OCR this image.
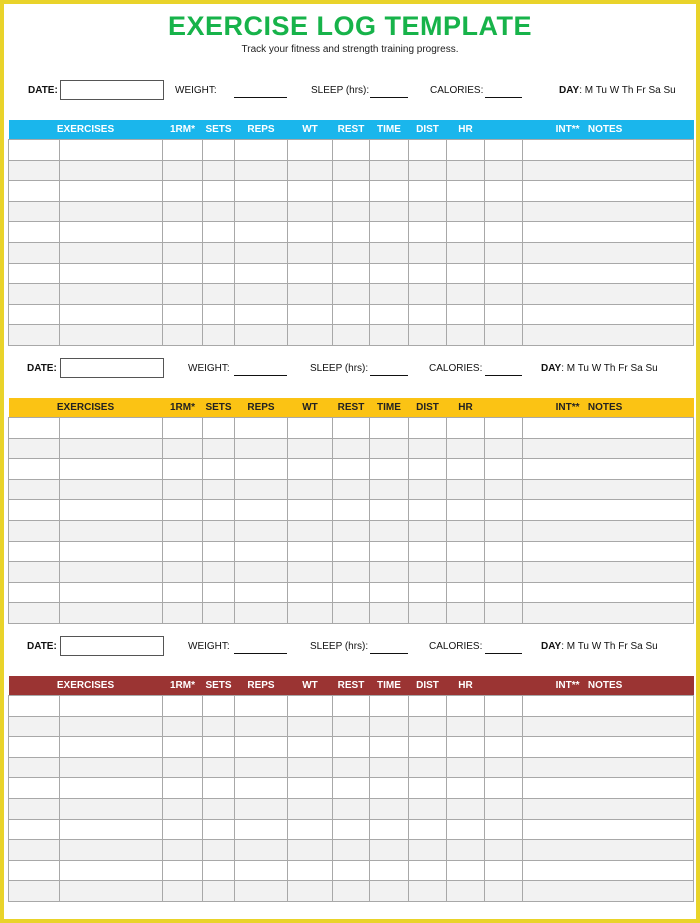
EXERCISE LOG TEMPLATE
Track your fitness and strength training progress.
DATE:	WEIGHT:	SLEEP (hrs):	CALORIES:	DAY: M Tu W Th Fr Sa Su
EXERCISES		1RM*	SETS	REPS	WT	REST	TIME	DIST	HR	INT** NOTES	

DATE:	WEIGHT:	SLEEP (hrs):	CALORIES:	DAY: M Tu W Th Fr Sa Su
EXERCISES		1RM*	SETS	REPS	WT	REST	TIME	DIST	HR	INT** NOTES	

DATE:	WEIGHT:	SLEEP (hrs):	CALORIES:	DAY: M Tu W Th Fr Sa Su
EXERCISES		1RM*	SETS	REPS	WT	REST	TIME	DIST	HR	INT** NOTES	
